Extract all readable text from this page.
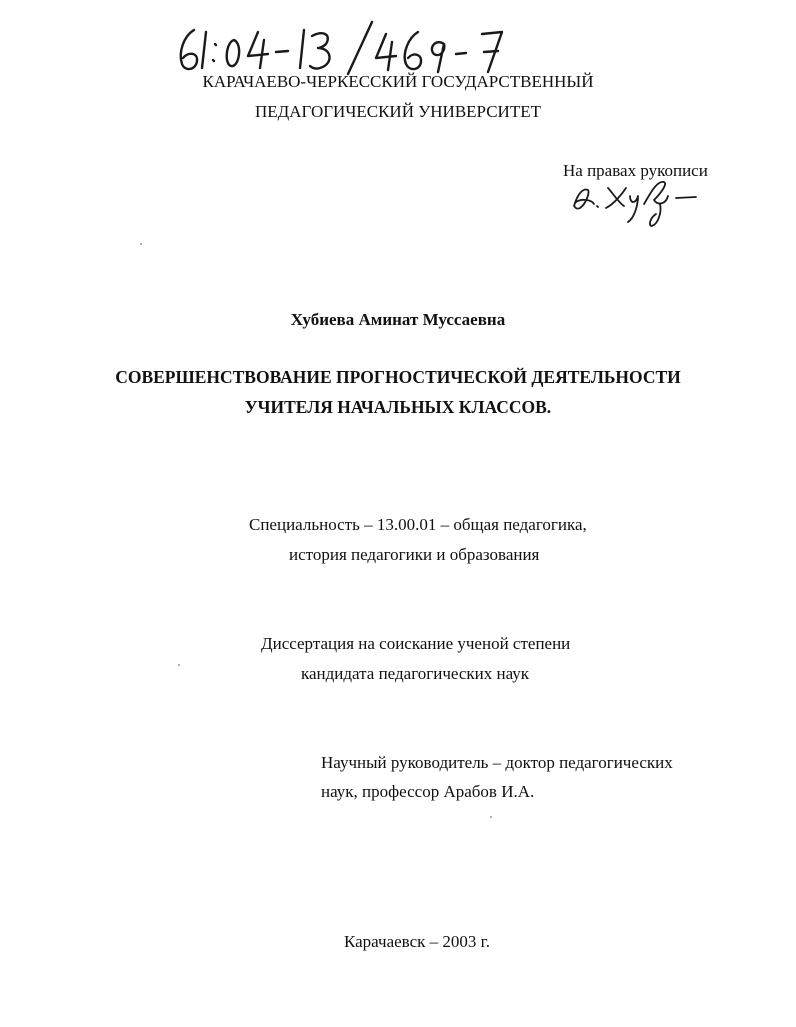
КАРАЧАЕВО-ЧЕРКЕССКИЙ ГОСУДАРСТВЕННЫЙ
ПЕДАГОГИЧЕСКИЙ УНИВЕРСИТЕТ
На правах рукописи
Хубиева Аминат Муссаевна
СОВЕРШЕНСТВОВАНИЕ ПРОГНОСТИЧЕСКОЙ ДЕЯТЕЛЬНОСТИ
УЧИТЕЛЯ НАЧАЛЬНЫХ КЛАССОВ.
Специальность – 13.00.01 – общая педагогика,
история педагогики и образования
Диссертация на соискание ученой степени
кандидата педагогических наук
Научный руководитель – доктор педагогических
наук, профессор Арабов И.А.
Карачаевск – 2003 г.
